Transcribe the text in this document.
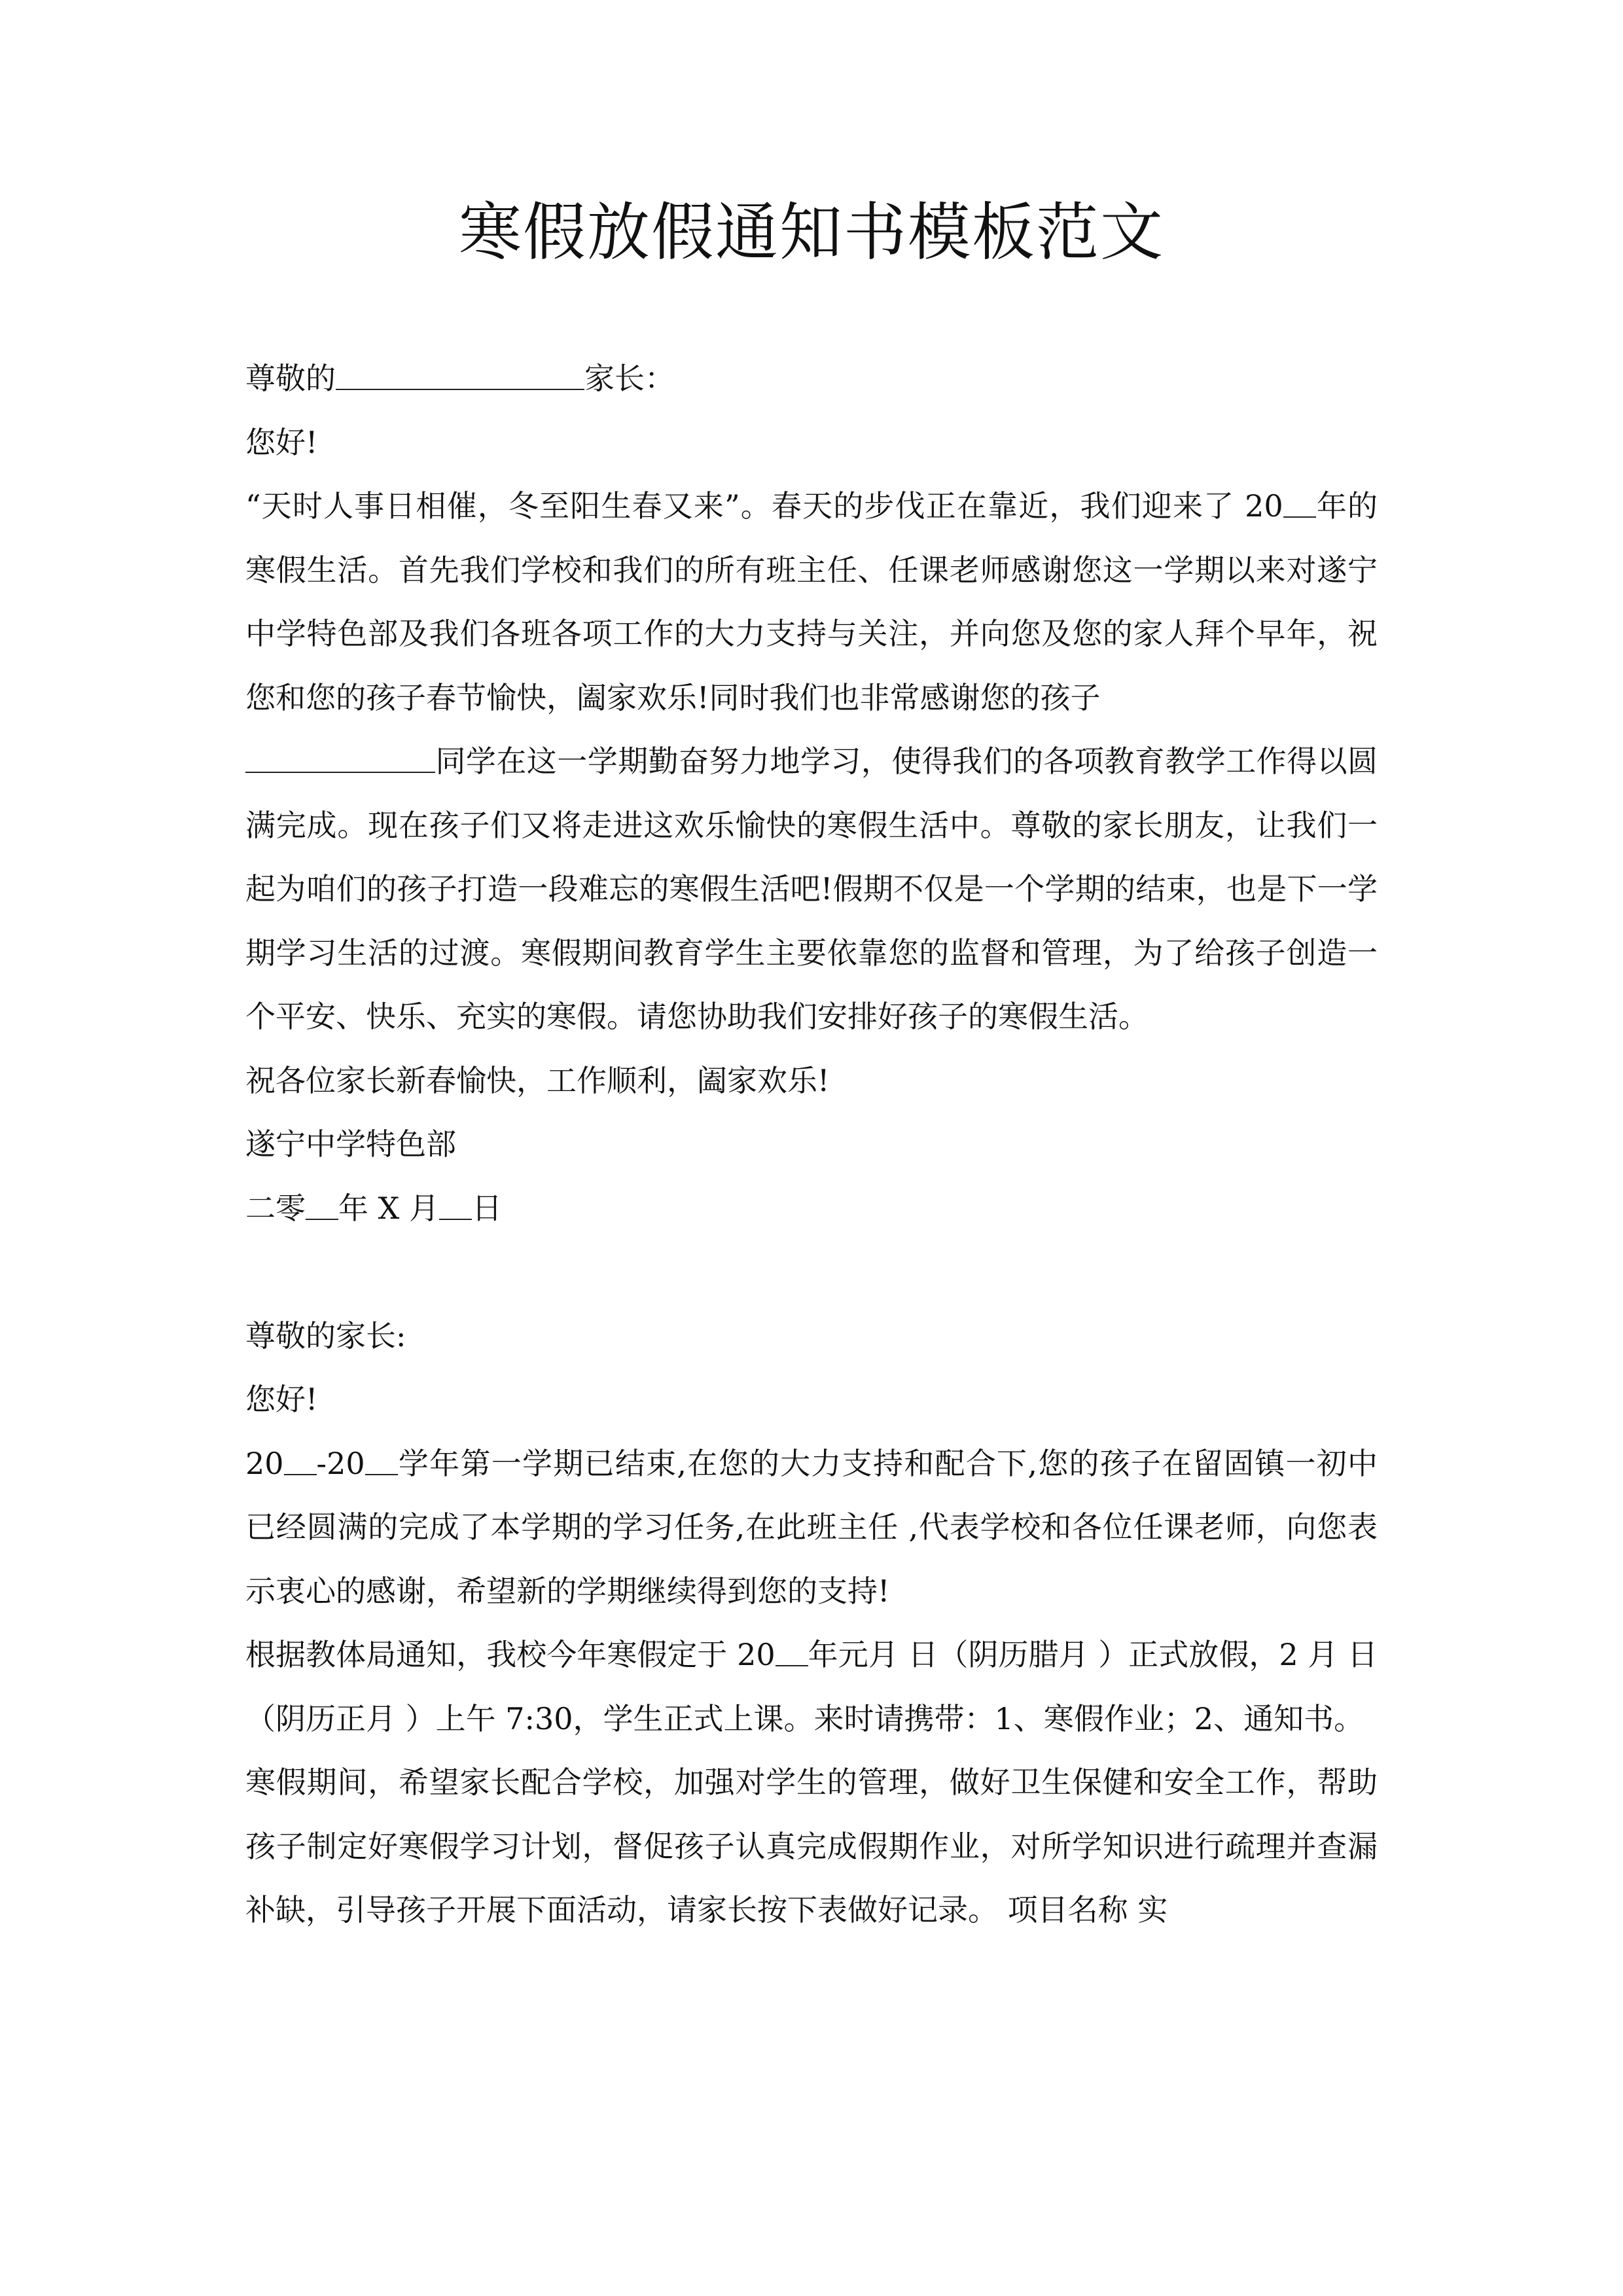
寒假放假通知书模板范文

尊敬的	家长：

您好!

“天时人事日相催，冬至阳生春又来”。春天的步伐正在靠近，我们迎来了 20 年的寒假生活。首先我们学校和我们的所有班主任、任课老师感谢您这一学期以来对遂宁中学特色部及我们各班各项工作的大力支持与关注，并向您及您的家人拜个早年，祝您和您的孩子春节愉快，阖家欢乐!同时我们也非常感谢您的孩子
同学在这一学期勤奋努力地学习，使得我们的各项教育教学工作得以圆满完成。现在孩子们又将走进这欢乐愉快的寒假生活中。尊敬的家长朋友，让我们一起为咱们的孩子打造一段难忘的寒假生活吧!假期不仅是一个学期的结束，也是下一学期学习生活的过渡。寒假期间教育学生主要依靠您的监督和管理，为了给孩子创造一个平安、快乐、充实的寒假。请您协助我们安排好孩子的寒假生活。

祝各位家长新春愉快，工作顺利，阖家欢乐!

遂宁中学特色部

二零 年 X 月 日

尊敬的家长:

您好!

20 -20 学年第一学期已结束,在您的大力支持和配合下,您的孩子在留固镇一初中已经圆满的完成了本学期的学习任务,在此班主任 ,代表学校和各位任课老师，向您表示衷心的感谢，希望新的学期继续得到您的支持!

根据教体局通知，我校今年寒假定于 20 年元月 日（阴历腊月 ）正式放假，2 月 日（阴历正月 ）上午 7:30，学生正式上课。来时请携带：1、寒假作业；2、通知书。

寒假期间，希望家长配合学校，加强对学生的管理，做好卫生保健和安全工作，帮助孩子制定好寒假学习计划，督促孩子认真完成假期作业，对所学知识进行疏理并查漏补缺，引导孩子开展下面活动，请家长按下表做好记录。 项目名称 实
